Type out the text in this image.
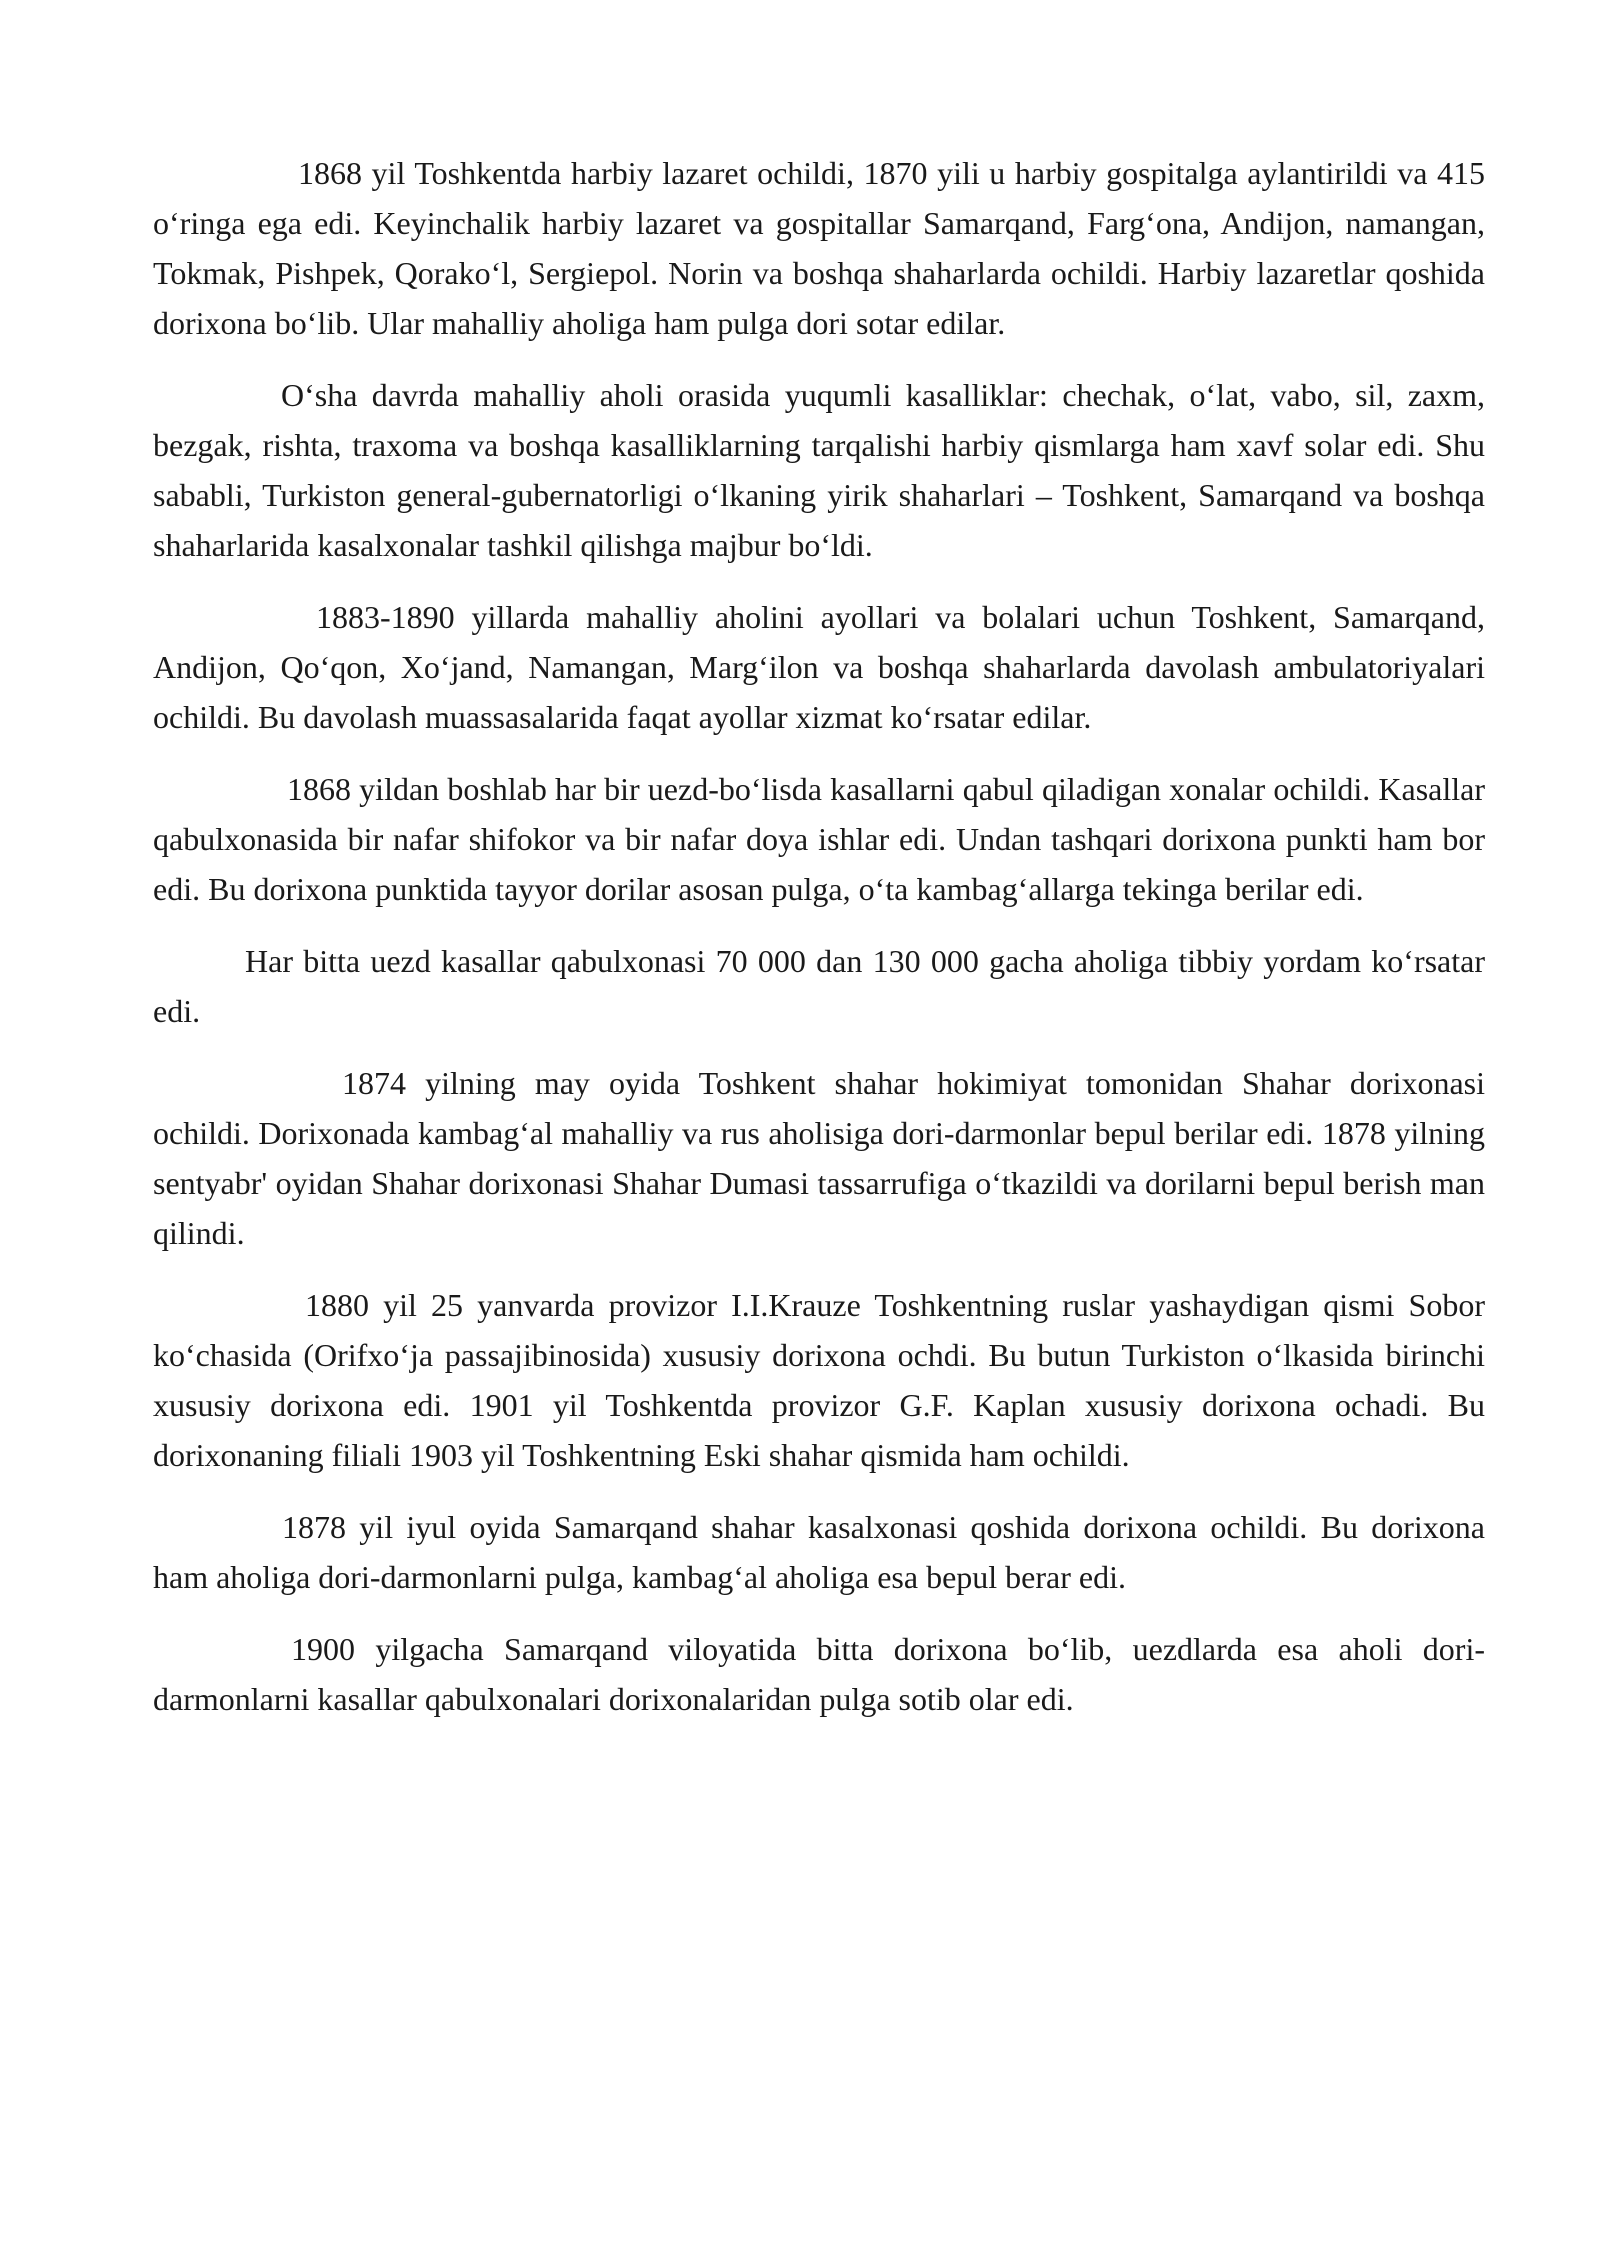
1868 yil Toshkentda harbiy lazaret ochildi, 1870 yili u harbiy gospitalga aylantirildi va 415 oʻringa ega edi. Keyinchalik harbiy lazaret va gospitallar Samarqand, Fargʻona, Andijon, namangan, Tokmak, Pishpek, Qorakoʻl, Sergiepol. Norin va boshqa shaharlarda ochildi. Harbiy lazaretlar qoshida dorixona boʻlib. Ular mahalliy aholiga ham pulga dori sotar edilar.

Oʻsha davrda mahalliy aholi orasida yuqumli kasalliklar: chechak, oʻlat, vabo, sil, zaxm, bezgak, rishta, traxoma va boshqa kasalliklarning tarqalishi harbiy qismlarga ham xavf solar edi. Shu sababli, Turkiston general-gubernatorligi oʻlkaning yirik shaharlari – Toshkent, Samarqand va boshqa shaharlarida kasalxonalar tashkil qilishga majbur boʻldi.

1883-1890 yillarda mahalliy aholini ayollari va bolalari uchun Toshkent, Samarqand, Andijon, Qoʻqon, Xoʻjand, Namangan, Margʻilon va boshqa shaharlarda davolash ambulatoriyalari ochildi. Bu davolash muassasalarida faqat ayollar xizmat koʻrsatar edilar.

1868 yildan boshlab har bir uezd-boʻlisda kasallarni qabul qiladigan xonalar ochildi. Kasallar qabulxonasida bir nafar shifokor va bir nafar doya ishlar edi. Undan tashqari dorixona punkti ham bor edi. Bu dorixona punktida tayyor dorilar asosan pulga, oʻta kambagʻallarga tekinga berilar edi.

Har bitta uezd kasallar qabulxonasi 70 000 dan 130 000 gacha aholiga tibbiy yordam koʻrsatar edi.

1874 yilning may oyida Toshkent shahar hokimiyat tomonidan Shahar dorixonasi ochildi. Dorixonada kambagʻal mahalliy va rus aholisiga dori-darmonlar bepul berilar edi. 1878 yilning sentyabr' oyidan Shahar dorixonasi Shahar Dumasi tassarrufiga oʻtkazildi va dorilarni bepul berish man qilindi.

1880 yil 25 yanvarda provizor I.I.Krauze Toshkentning ruslar yashaydigan qismi Sobor koʻchasida (Orifxoʻja passajibinosida) xususiy dorixona ochdi. Bu butun Turkiston oʻlkasida birinchi xususiy dorixona edi. 1901 yil Toshkentda provizor G.F. Kaplan xususiy dorixona ochadi. Bu dorixonaning filiali 1903 yil Toshkentning Eski shahar qismida ham ochildi.

1878 yil iyul oyida Samarqand shahar kasalxonasi qoshida dorixona ochildi. Bu dorixona ham aholiga dori-darmonlarni pulga, kambagʻal aholiga esa bepul berar edi.

1900 yilgacha Samarqand viloyatida bitta dorixona boʻlib, uezdlarda esa aholi dori-darmonlarni kasallar qabulxonalari dorixonalaridan pulga sotib olar edi.
